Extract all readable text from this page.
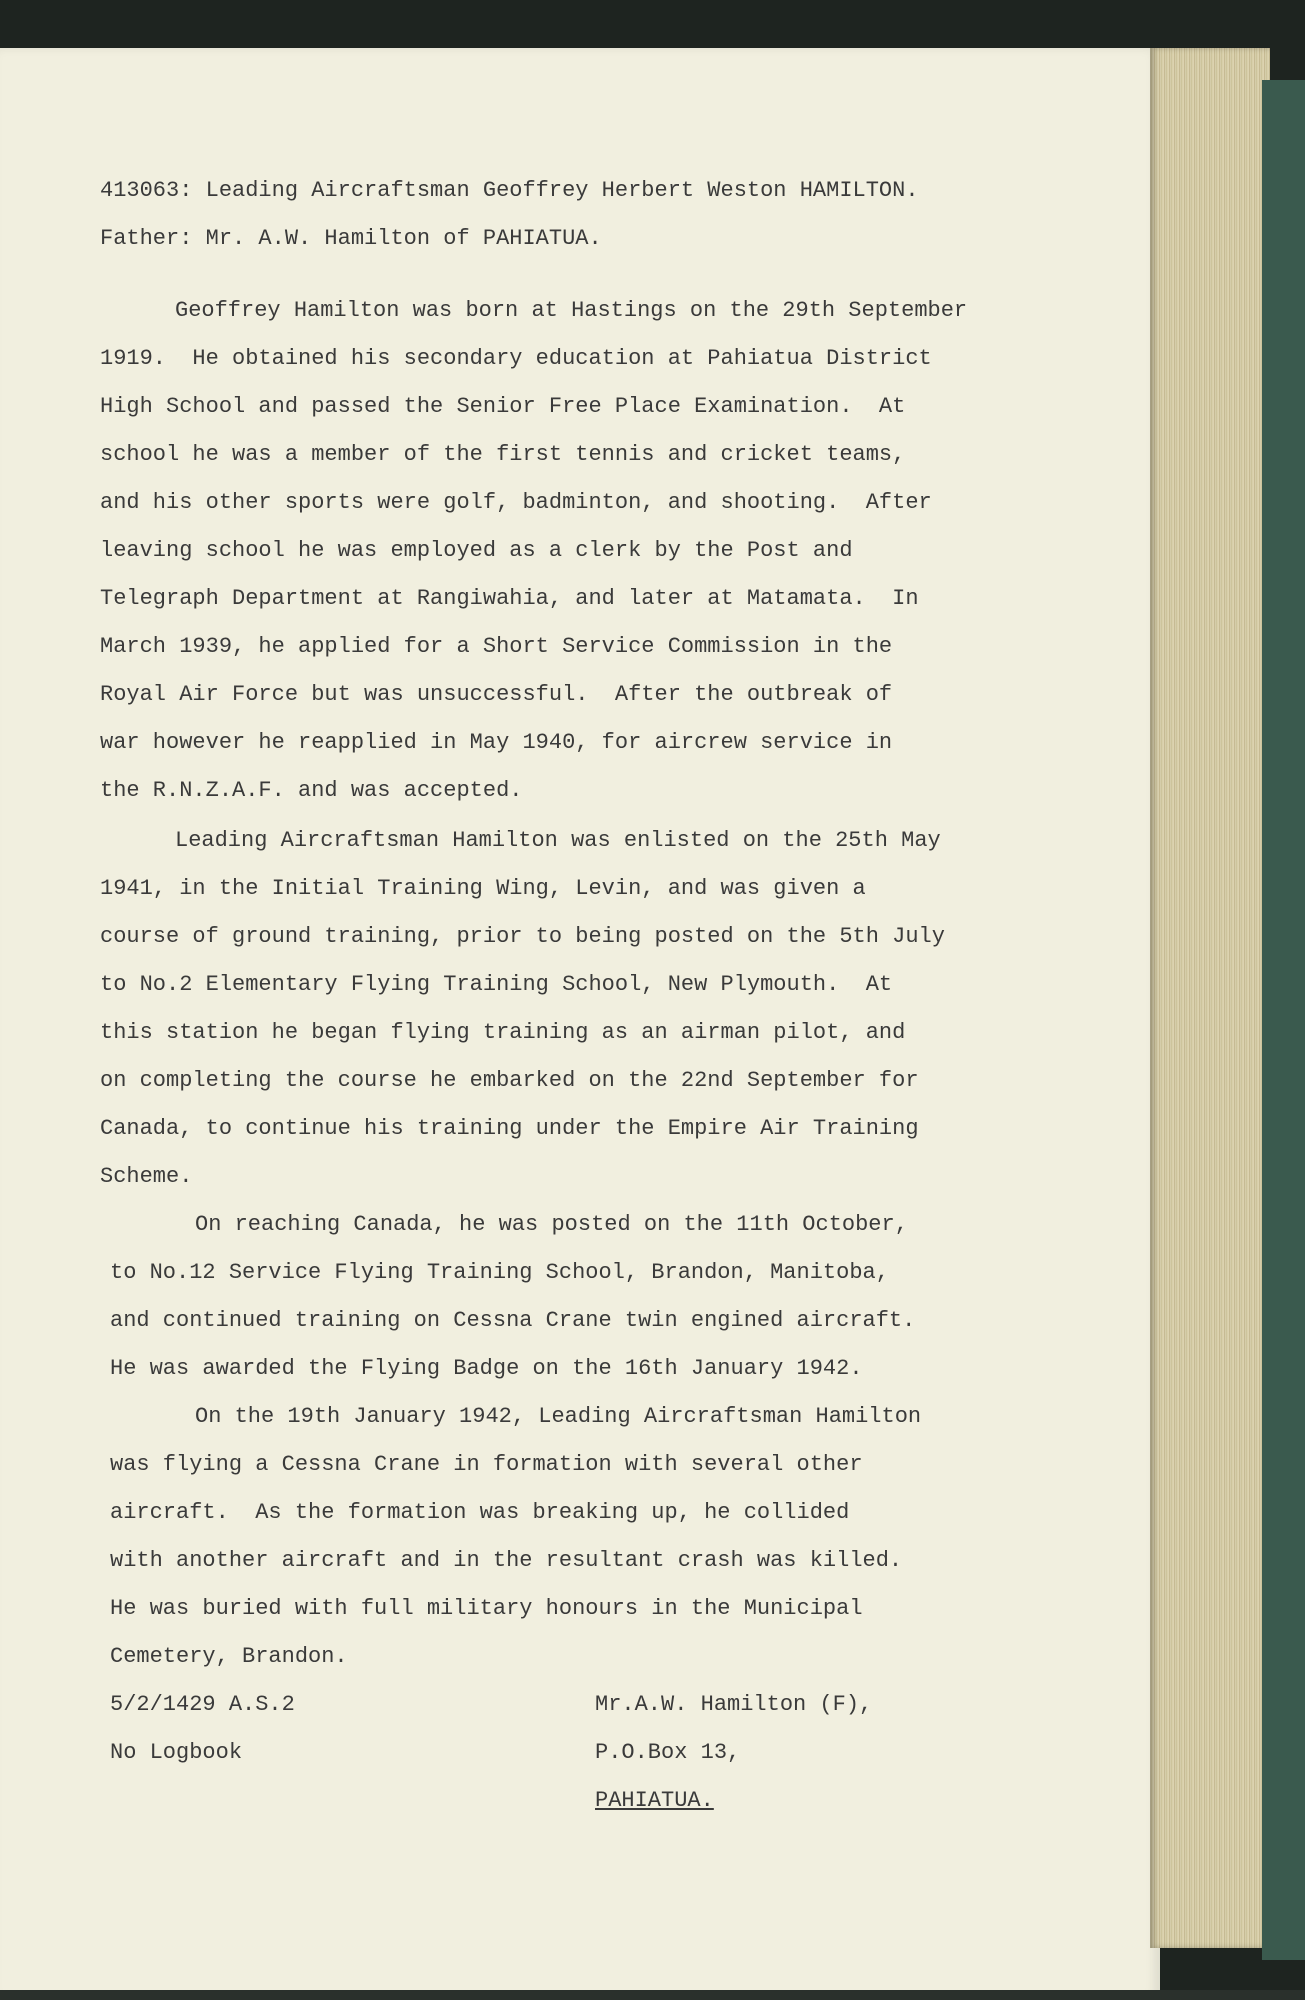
413063: Leading Aircraftsman Geoffrey Herbert Weston HAMILTON.
Father: Mr. A.W. Hamilton of PAHIATUA.
Geoffrey Hamilton was born at Hastings on the 29th September
1919.  He obtained his secondary education at Pahiatua District
High School and passed the Senior Free Place Examination.  At
school he was a member of the first tennis and cricket teams,
and his other sports were golf, badminton, and shooting.  After
leaving school he was employed as a clerk by the Post and
Telegraph Department at Rangiwahia, and later at Matamata.  In
March 1939, he applied for a Short Service Commission in the
Royal Air Force but was unsuccessful.  After the outbreak of
war however he reapplied in May 1940, for aircrew service in
the R.N.Z.A.F. and was accepted.
Leading Aircraftsman Hamilton was enlisted on the 25th May
1941, in the Initial Training Wing, Levin, and was given a
course of ground training, prior to being posted on the 5th July
to No.2 Elementary Flying Training School, New Plymouth.  At
this station he began flying training as an airman pilot, and
on completing the course he embarked on the 22nd September for
Canada, to continue his training under the Empire Air Training
Scheme.
On reaching Canada, he was posted on the 11th October,
to No.12 Service Flying Training School, Brandon, Manitoba,
and continued training on Cessna Crane twin engined aircraft.
He was awarded the Flying Badge on the 16th January 1942.
On the 19th January 1942, Leading Aircraftsman Hamilton
was flying a Cessna Crane in formation with several other
aircraft.  As the formation was breaking up, he collided
with another aircraft and in the resultant crash was killed.
He was buried with full military honours in the Municipal
Cemetery, Brandon.
5/2/1429 A.S.2
No Logbook
Mr.A.W. Hamilton (F),
P.O.Box 13,
PAHIATUA.
